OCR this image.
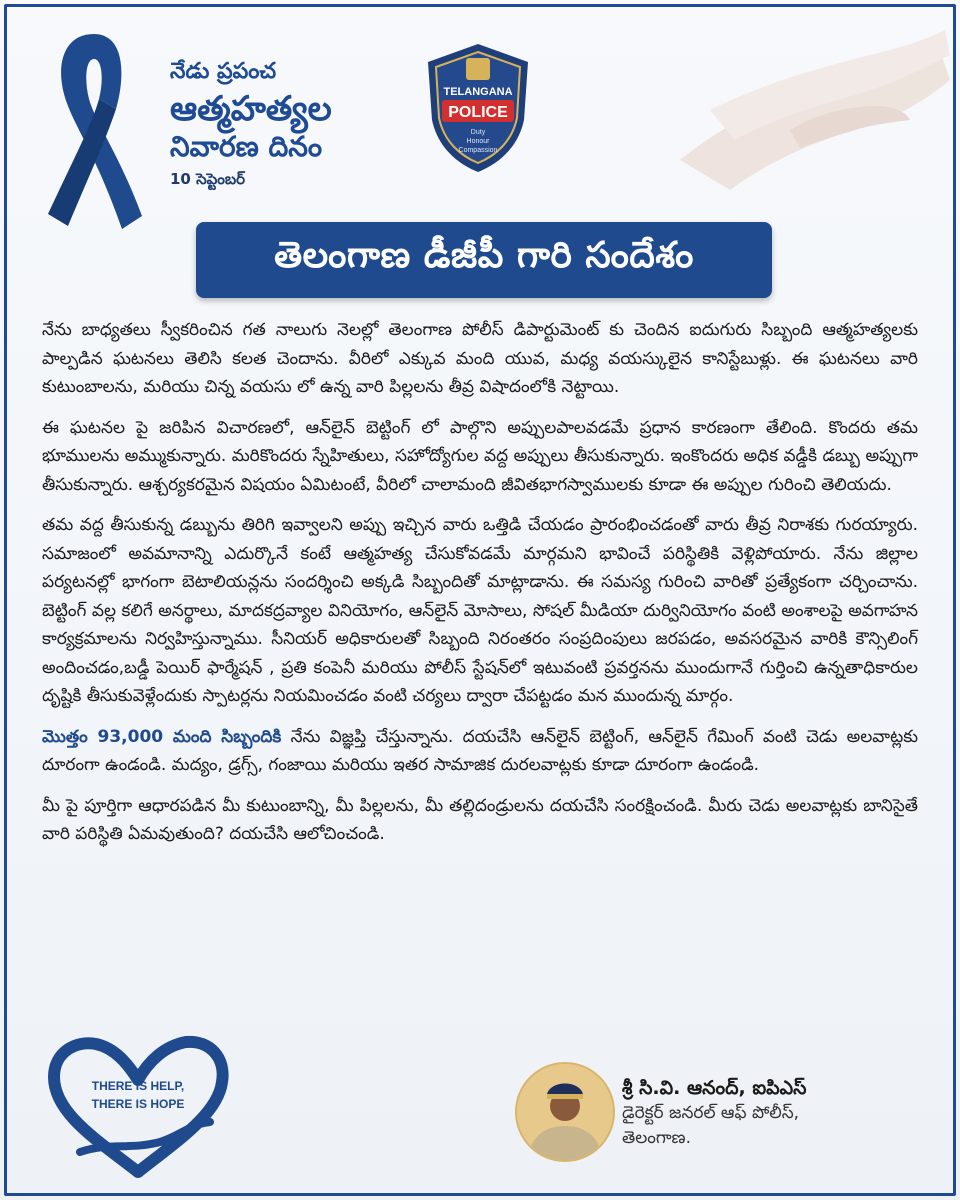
నేడు ప్రపంచ
ఆత్మహత్యల
నివారణ దినం
10 సెప్టెంబర్
TELANGANA
POLICE
Duty
Honour
Compassion
తెలంగాణ డీజీపీ గారి సందేశం

నేను బాధ్యతలు స్వీకరించిన గత నాలుగు నెలల్లో తెలంగాణ పోలీస్ డిపార్టుమెంట్ కు చెందిన ఐదుగురు సిబ్బంది ఆత్మహత్యలకు పాల్పడిన ఘటనలు తెలిసి కలత చెందాను. వీరిలో ఎక్కువ మంది యువ, మధ్య వయస్కులైన కానిస్టేబుళ్లు. ఈ ఘటనలు వారి కుటుంబాలను, మరియు చిన్న వయసు లో ఉన్న వారి పిల్లలను తీవ్ర విషాదంలోకి నెట్టాయి.

ఈ ఘటనల పై జరిపిన విచారణలో, ఆన్‌లైన్ బెట్టింగ్ లో పాల్గొని అప్పులపాలవడమే ప్రధాన కారణంగా తేలింది. కొందరు తమ భూములను అమ్ముకున్నారు. మరికొందరు స్నేహితులు, సహోద్యోగుల వద్ద అప్పులు తీసుకున్నారు. ఇంకొందరు అధిక వడ్డీకి డబ్బు అప్పుగా తీసుకున్నారు. ఆశ్చర్యకరమైన విషయం ఏమిటంటే, వీరిలో చాలామంది జీవితభాగస్వాములకు కూడా ఈ అప్పుల గురించి తెలియదు.

తమ వద్ద తీసుకున్న డబ్బును తిరిగి ఇవ్వాలని అప్పు ఇచ్చిన వారు ఒత్తిడి చేయడం ప్రారంభించడంతో వారు తీవ్ర నిరాశకు గురయ్యారు. సమాజంలో అవమానాన్ని ఎదుర్కొనే కంటే ఆత్మహత్య చేసుకోవడమే మార్గమని భావించే పరిస్థితికి వెళ్లిపోయారు. నేను జిల్లాల పర్యటనల్లో భాగంగా బెటాలియన్లను సందర్శించి అక్కడి సిబ్బందితో మాట్లాడాను. ఈ సమస్య గురించి వారితో ప్రత్యేకంగా చర్చించాను. బెట్టింగ్ వల్ల కలిగే అనర్థాలు, మాదకద్రవ్యాల వినియోగం, ఆన్‌లైన్ మోసాలు, సోషల్ మీడియా దుర్వినియోగం వంటి అంశాలపై అవగాహన కార్యక్రమాలను నిర్వహిస్తున్నాము. సీనియర్ అధికారులతో సిబ్బంది నిరంతరం సంప్రదింపులు జరపడం, అవసరమైన వారికి కౌన్సిలింగ్ అందించడం,బడ్డీ పెయిర్ ఫార్మేషన్ , ప్రతి కంపెనీ మరియు పోలీస్ స్టేషన్‌లో ఇటువంటి ప్రవర్తనను ముందుగానే గుర్తించి ఉన్నతాధికారుల దృష్టికి తీసుకువెళ్లేందుకు స్పాటర్లను నియమించడం వంటి చర్యలు ద్వారా చేపట్టడం మన ముందున్న మార్గం.

మొత్తం 93,000 మంది సిబ్బందికి నేను విజ్ఞప్తి చేస్తున్నాను. దయచేసి ఆన్‌లైన్ బెట్టింగ్, ఆన్‌లైన్ గేమింగ్ వంటి చెడు అలవాట్లకు దూరంగా ఉండండి. మద్యం, డ్రగ్స్, గంజాయి మరియు ఇతర సామాజిక దురలవాట్లకు కూడా దూరంగా ఉండండి.

మీ పై పూర్తిగా ఆధారపడిన మీ కుటుంబాన్ని, మీ పిల్లలను, మీ తల్లిదండ్రులను దయచేసి సంరక్షించండి. మీరు చెడు అలవాట్లకు బానిసైతే వారి పరిస్థితి ఏమవుతుంది? దయచేసి ఆలోచించండి.

THERE IS HELP,
THERE IS HOPE
శ్రీ సి.వి. ఆనంద్, ఐపిఎస్
డైరెక్టర్ జనరల్ ఆఫ్ పోలీస్,
తెలంగాణ.
